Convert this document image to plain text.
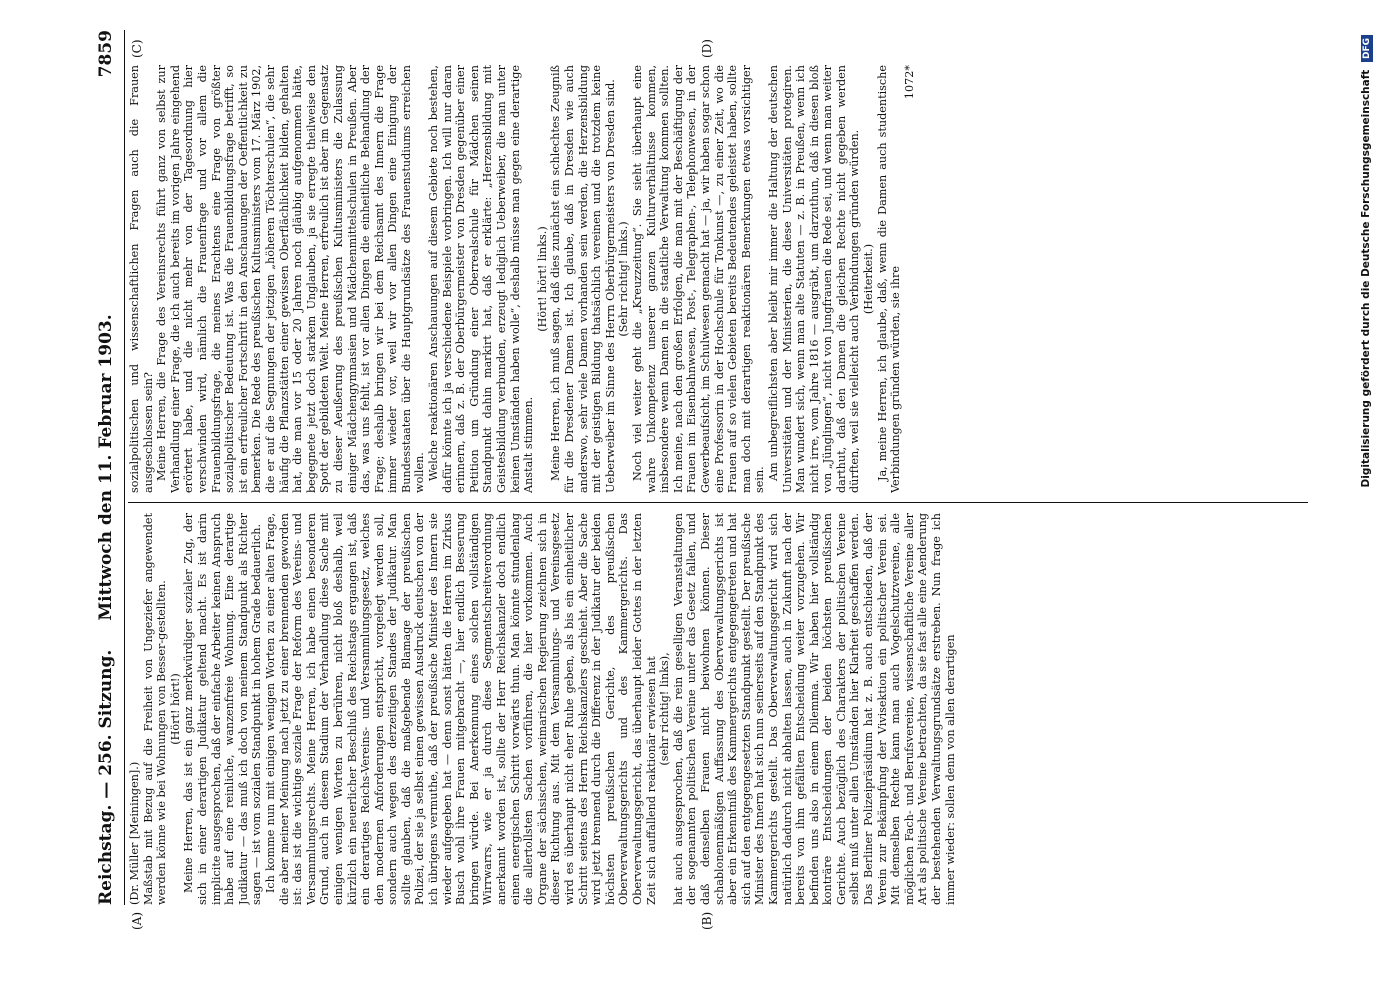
Reichstag. — 256. Sitzung.
Mittwoch den 11. Februar 1903.
7859
(A)	(B)
(C)	(D)

(Dr. Müller [Meiningen].) Maßstab mit Bezug auf die Freiheit von Ungeziefer angewendet werden könne wie bei Wohnungen von Besser-gestellten. (Hört! hört!) Meine Herren, das ist ein ganz merkwürdiger sozialer Zug, der sich in einer derartigen Judikatur geltend macht. Es ist darin implicite ausgesprochen, daß der einfache Arbeiter keinen Anspruch habe auf eine reinliche, wanzenfreie Wohnung. Eine derartige Judikatur — das muß ich doch von meinem Standpunkt als Richter sagen — ist vom sozialen Standpunkt in hohem Grade bedauerlich. Ich komme nun mit einigen wenigen Worten zu einer alten Frage, die aber meiner Meinung nach jetzt zu einer brennenden geworden ist: das ist die wichtige soziale Frage der Reform des Vereins- und Versammlungsrechts. Meine Herren, ich habe einen besonderen Grund, auch in diesem Stadium der Verhandlung diese Sache mit einigen wenigen Worten zu berühren, nicht bloß deshalb, weil kürzlich ein neuerlicher Beschluß des Reichstags ergangen ist, daß ein derartiges Reichs-Vereins- und Versammlungsgesetz, welches den modernen Anforderungen entspricht, vorgelegt werden soll, sondern auch wegen des derzeitigen Standes der Judikatur. Man sollte glauben, daß die maßgebende Blamage der preußischen Polizei, der sie ja selbst einen gewissen Ausdruck deutschen von der ich übrigens vermuthe, daß der preußische Minister des Innern sie wieder aufgegeben hat — denn sonst hätten die Herren im Zirkus Busch wohl ihre Frauen mitgebracht —, hier endlich Besserung bringen würde. Bei Anerkennung eines solchen vollständigen Wirrwarrs, wie er ja durch diese Segmentschreitverordnung anerkannt worden ist, sollte der Herr Reichskanzler doch endlich einen energischen Schritt vorwärts thun. Man könnte stundenlang die allertollsten Sachen vorführen, die hier vorkommen. Auch Organe der sächsischen, weimarischen Regierung zeichnen sich in dieser Richtung aus. Mit dem Versammlungs- und Vereinsgesetz wird es überhaupt nicht eher Ruhe geben, als bis ein einheitlicher Schritt seitens des Herrn Reichskanzlers geschieht. Aber die Sache wird jetzt brennend durch die Differenz in der Judikatur der beiden höchsten preußischen Gerichte, des preußischen Oberverwaltungsgerichts und des Kammergerichts. Das Oberverwaltungsgericht, das überhaupt leider Gottes in der letzten Zeit sich auffallend reaktionär erwiesen hat (sehr richtig! links), hat auch ausgesprochen, daß die rein geselligen Veranstaltungen der sogenannten politischen Vereine unter das Gesetz fallen, und daß denselben Frauen nicht beiwohnen können. Dieser schablonenmäßigen Auffassung des Oberverwaltungsgerichts ist aber ein Erkenntniß des Kammergerichts entgegengetreten und hat sich auf den entgegengesetzten Standpunkt gestellt. Der preußische Minister des Innern hat sich nun seinerseits auf den Standpunkt des Kammergerichts gestellt. Das Oberverwaltungsgericht wird sich natürlich dadurch nicht abhalten lassen, auch in Zukunft nach der bereits von ihm gefällten Entscheidung weiter vorzugehen. Wir befinden uns also in einem Dilemma. Wir haben hier vollständig konträre Entscheidungen der beiden höchsten preußischen Gerichte. Auch bezüglich des Charakters der politischen Vereine selbst muß unter allen Umständen hier Klarheit geschaffen werden. Das Berliner Polizeipräsidium hat z. B. auch entschieden, daß der Verein zur Bekämpfung der Vivisektion ein politischer Verein sei. Mit demselben Rechte kann man auch Vogelschutzvereine, alle möglichen Fach- und Berufsvereine, wissenschaftliche Vereine aller Art als politische Vereine betrachten, da sie fast alle eine Aenderung der bestehenden Verwaltungsgrundsätze erstreben. Nun frage ich immer wieder: sollen denn von allen derartigen

sozialpolitischen und wissenschaftlichen Fragen auch die Frauen ausgeschlossen sein? Meine Herren, die Frage des Vereinsrechts führt ganz von selbst zur Verhandlung einer Frage, die ich auch bereits im vorigen Jahre eingehend erörtert habe, und die nicht mehr von der Tagesordnung hier verschwinden wird, nämlich die Frauenfrage und vor allem die Frauenbildungsfrage, die meines Erachtens eine Frage von größter sozialpolitischer Bedeutung ist. Was die Frauenbildungsfrage betrifft, so ist ein erfreulicher Fortschritt in den Anschauungen der Oeffentlichkeit zu bemerken. Die Rede des preußischen Kultusministers vom 17. März 1902, die er auf die Segnungen der jetzigen „höheren Töchterschulen“, die sehr häufig die Pflanzstätten einer gewissen Oberflächlichkeit bilden, gehalten hat, die man vor 15 oder 20 Jahren noch gläubig aufgenommen hätte, begegnete jetzt doch starkem Unglauben, ja sie erregte theilweise den Spott der gebildeten Welt. Meine Herren, erfreulich ist aber im Gegensatz zu dieser Aeußerung des preußischen Kultusministers die Zulassung einiger Mädchengymnasien und Mädchenmittelschulen in Preußen. Aber das, was uns fehlt, ist vor allen Dingen die einheitliche Behandlung der Frage; deshalb bringen wir bei dem Reichsamt des Innern die Frage immer wieder vor, weil wir vor allen Dingen eine Einigung der Bundesstaaten über die Hauptgrundsätze des Frauenstudiums erreichen wollen. Welche reaktionären Anschauungen auf diesem Gebiete noch bestehen, dafür könnte ich ja verschiedene Beispiele vorbringen. Ich will nur daran erinnern, daß z. B. der Oberbürgermeister von Dresden gegenüber einer Petition um Gründung einer Oberrealschule für Mädchen seinen Standpunkt dahin markirt hat, daß er erklärte: „Herzensbildung mit Geistesbildung verbunden, erzeugt lediglich Ueberweiber, die man unter keinen Umständen haben wolle“, deshalb müsse man gegen eine derartige Anstalt stimmen.

(Hört! hört! links.) Meine Herren, ich muß sagen, daß dies zunächst ein schlechtes Zeugniß für die Dresdener Damen ist. Ich glaube, daß in Dresden wie auch anderswo, sehr viele Damen vorhanden sein werden, die Herzensbildung mit der geistigen Bildung thatsächlich vereinen und die trotzdem keine Ueberweiber im Sinne des Herrn Oberbürgermeisters von Dresden sind. (Sehr richtig! links.) Noch viel weiter geht die „Kreuzzeitung“. Sie sieht überhaupt eine wahre Unkompetenz unserer ganzen Kulturverhältnisse kommen, insbesondere wenn Damen in die staatliche Verwaltung kommen sollten. Ich meine, nach den großen Erfolgen, die man mit der Beschäftigung der Frauen im Eisenbahnwesen, Post-, Telegraphen-, Telephonwesen, in der Gewerbeaufsicht, im Schulwesen gemacht hat — ja, wir haben sogar schon eine Professorin in der Hochschule für Tonkunst —, zu einer Zeit, wo die Frauen auf so vielen Gebieten bereits Bedeutendes geleistet haben, sollte man doch mit derartigen reaktionären Bemerkungen etwas vorsichtiger sein. Am unbegreiflichsten aber bleibt mir immer die Haltung der deutschen Universitäten und der Ministerien, die diese Universitäten protegiren. Man wundert sich, wenn man alte Statuten — z. B. in Preußen, wenn ich nicht irre, vom Jahre 1816 — ausgräbt, um darzuthun, daß in diesen bloß von „Jünglingen“, nicht von Jungfrauen die Rede sei, und wenn man weiter darthut, daß den Damen die gleichen Rechte nicht gegeben werden dürften, weil sie vielleicht auch Verbindungen gründen würden. (Heiterkeit.) Ja, meine Herren, ich glaube, daß, wenn die Damen auch studentische Verbindungen gründen würden, sie ihre

1072*	Digitalisierung gefördert durch die Deutsche Forschungsgemeinschaft DFG
